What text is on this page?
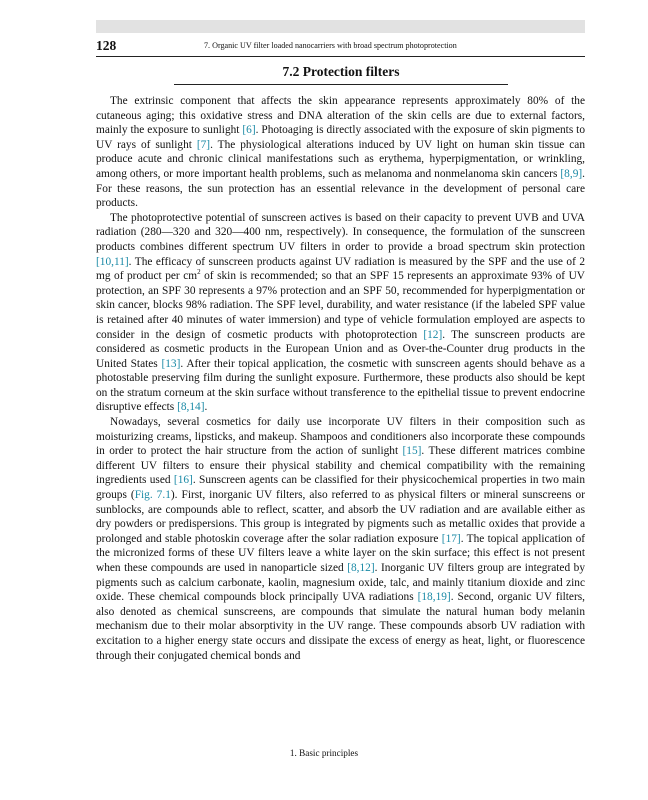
128	7. Organic UV filter loaded nanocarriers with broad spectrum photoprotection
7.2 Protection filters

The extrinsic component that affects the skin appearance represents approximately 80% of the cutaneous aging; this oxidative stress and DNA alteration of the skin cells are due to external factors, mainly the exposure to sunlight [6]. Photoaging is directly associated with the exposure of skin pigments to UV rays of sunlight [7]. The physiological alterations induced by UV light on human skin tissue can produce acute and chronic clinical manifestations such as erythema, hyperpigmentation, or wrinkling, among others, or more important health problems, such as melanoma and nonmelanoma skin cancers [8,9]. For these reasons, the sun protection has an essential relevance in the development of personal care products.

The photoprotective potential of sunscreen actives is based on their capacity to prevent UVB and UVA radiation (280—320 and 320—400 nm, respectively). In consequence, the formulation of the sunscreen products combines different spectrum UV filters in order to provide a broad spectrum skin protection [10,11]. The efficacy of sunscreen products against UV radiation is measured by the SPF and the use of 2 mg of product per $cm^2$ of skin is recommended; so that an SPF 15 represents an approximate 93% of UV protection, an SPF 30 represents a 97% protection and an SPF 50, recommended for hyperpigmentation or skin cancer, blocks 98% radiation. The SPF level, durability, and water resistance (if the labeled SPF value is retained after 40 minutes of water immersion) and type of vehicle formulation employed are aspects to consider in the design of cosmetic products with photoprotection [12]. The sunscreen products are considered as cosmetic products in the European Union and as Over-the-Counter drug products in the United States [13]. After their topical application, the cosmetic with sunscreen agents should behave as a photostable preserving film during the sunlight exposure. Furthermore, these products also should be kept on the stratum corneum at the skin surface without transference to the epithelial tissue to prevent endocrine disruptive effects [8,14].

Nowadays, several cosmetics for daily use incorporate UV filters in their composition such as moisturizing creams, lipsticks, and makeup. Shampoos and conditioners also incorporate these compounds in order to protect the hair structure from the action of sunlight [15]. These different matrices combine different UV filters to ensure their physical stability and chemical compatibility with the remaining ingredients used [16]. Sunscreen agents can be classified for their physicochemical properties in two main groups (Fig. 7.1). First, inorganic UV filters, also referred to as physical filters or mineral sunscreens or sunblocks, are compounds able to reflect, scatter, and absorb the UV radiation and are available either as dry powders or predispersions. This group is integrated by pigments such as metallic oxides that provide a prolonged and stable photoskin coverage after the solar radiation exposure [17]. The topical application of the micronized forms of these UV filters leave a white layer on the skin surface; this effect is not present when these compounds are used in nanoparticle sized [8,12]. Inorganic UV filters group are integrated by pigments such as calcium carbonate, kaolin, magnesium oxide, talc, and mainly titanium dioxide and zinc oxide. These chemical compounds block principally UVA radiations [18,19]. Second, organic UV filters, also denoted as chemical sunscreens, are compounds that simulate the natural human body melanin mechanism due to their molar absorptivity in the UV range. These compounds absorb UV radiation with excitation to a higher energy state occurs and dissipate the excess of energy as heat, light, or fluorescence through their conjugated chemical bonds and

1. Basic principles
